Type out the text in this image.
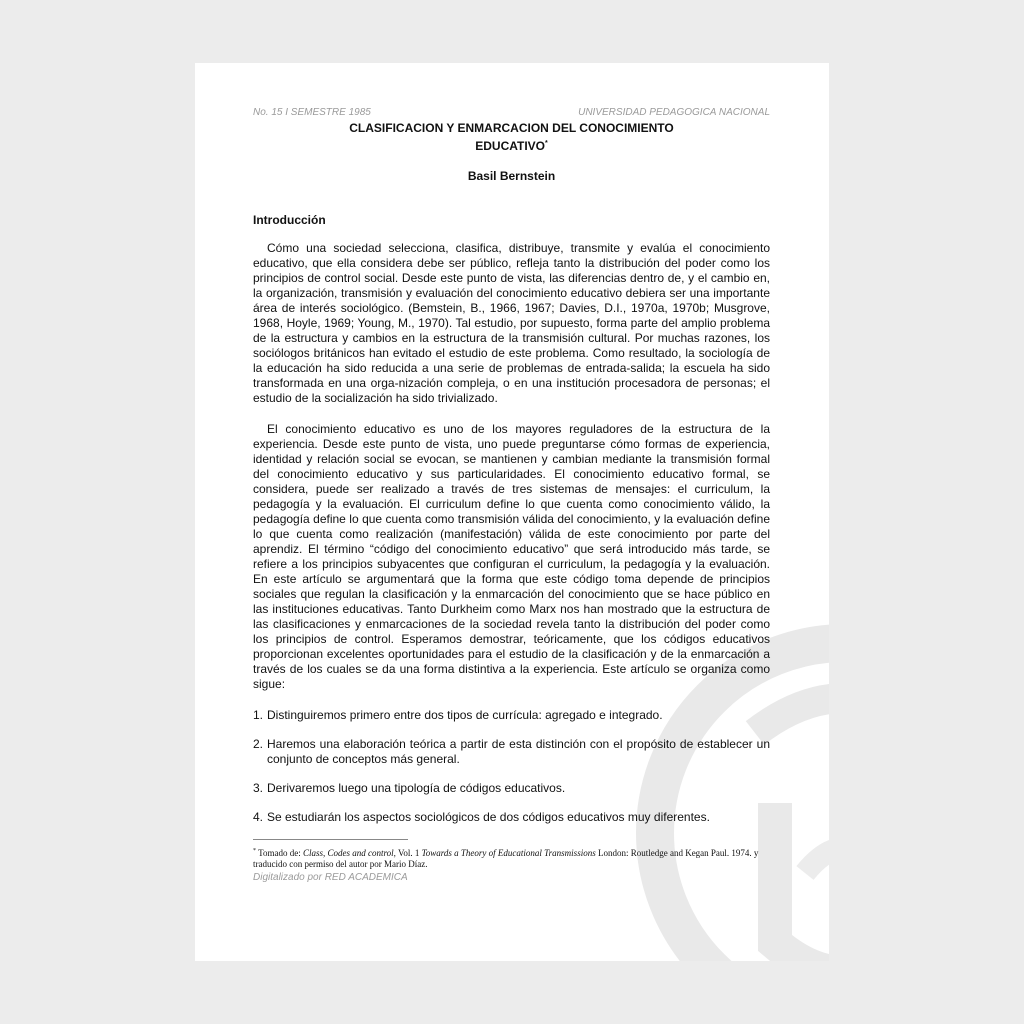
No. 15 I SEMESTRE 1985	UNIVERSIDAD PEDAGOGICA NACIONAL
CLASIFICACION Y ENMARCACION DEL CONOCIMIENTO
EDUCATIVO*
Basil Bernstein
Introducción

Cómo una sociedad selecciona, clasifica, distribuye, transmite y evalúa el conocimiento educativo, que ella considera debe ser público, refleja tanto la distribución del poder como los principios de control social. Desde este punto de vista, las diferencias dentro de, y el cambio en, la organización, transmisión y evaluación del conocimiento educativo debiera ser una importante área de interés sociológico. (Bemstein, B., 1966, 1967; Davies, D.I., 1970a, 1970b; Musgrove, 1968, Hoyle, 1969; Young, M., 1970). Tal estudio, por supuesto, forma parte del amplio problema de la estructura y cambios en la estructura de la transmisión cultural. Por muchas razones, los sociólogos británicos han evitado el estudio de este problema. Como resultado, la sociología de la educación ha sido reducida a una serie de problemas de entrada-salida; la escuela ha sido transformada en una orga-nización compleja, o en una institución procesadora de personas; el estudio de la socialización ha sido trivializado.

El conocimiento educativo es uno de los mayores reguladores de la estructura de la experiencia. Desde este punto de vista, uno puede preguntarse cómo formas de experiencia, identidad y relación social se evocan, se mantienen y cambian mediante la transmisión formal del conocimiento educativo y sus particularidades. El conocimiento educativo formal, se considera, puede ser realizado a través de tres sistemas de mensajes: el curriculum, la pedagogía y la evaluación. El curriculum define lo que cuenta como conocimiento válido, la pedagogía define lo que cuenta como transmisión válida del conocimiento, y la evaluación define lo que cuenta como realización (manifestación) válida de este conocimiento por parte del aprendiz. El término “código del conocimiento educativo” que será introducido más tarde, se refiere a los principios subyacentes que configuran el curriculum, la pedagogía y la evaluación. En este artículo se argumentará que la forma que este código toma depende de principios sociales que regulan la clasificación y la enmarcación del conocimiento que se hace público en las instituciones educativas. Tanto Durkheim como Marx nos han mostrado que la estructura de las clasificaciones y enmarcaciones de la sociedad revela tanto la distribución del poder como los principios de control. Esperamos demostrar, teóricamente, que los códigos educativos proporcionan excelentes oportunidades para el estudio de la clasificación y de la enmarcación a través de los cuales se da una forma distintiva a la experiencia. Este artículo se organiza como sigue:

1. Distinguiremos primero entre dos tipos de currícula: agregado e integrado.
2. Haremos una elaboración teórica a partir de esta distinción con el propósito de establecer un conjunto de conceptos más general.
3. Derivaremos luego una tipología de códigos educativos.
4. Se estudiarán los aspectos sociológicos de dos códigos educativos muy diferentes.
* Tomado de: Class, Codes and control, Vol. 1 Towards a Theory of Educational Transmissions London: Routledge and Kegan Paul. 1974. y traducido con permiso del autor por Mario Díaz.
Digitalizado por RED ACADEMICA
